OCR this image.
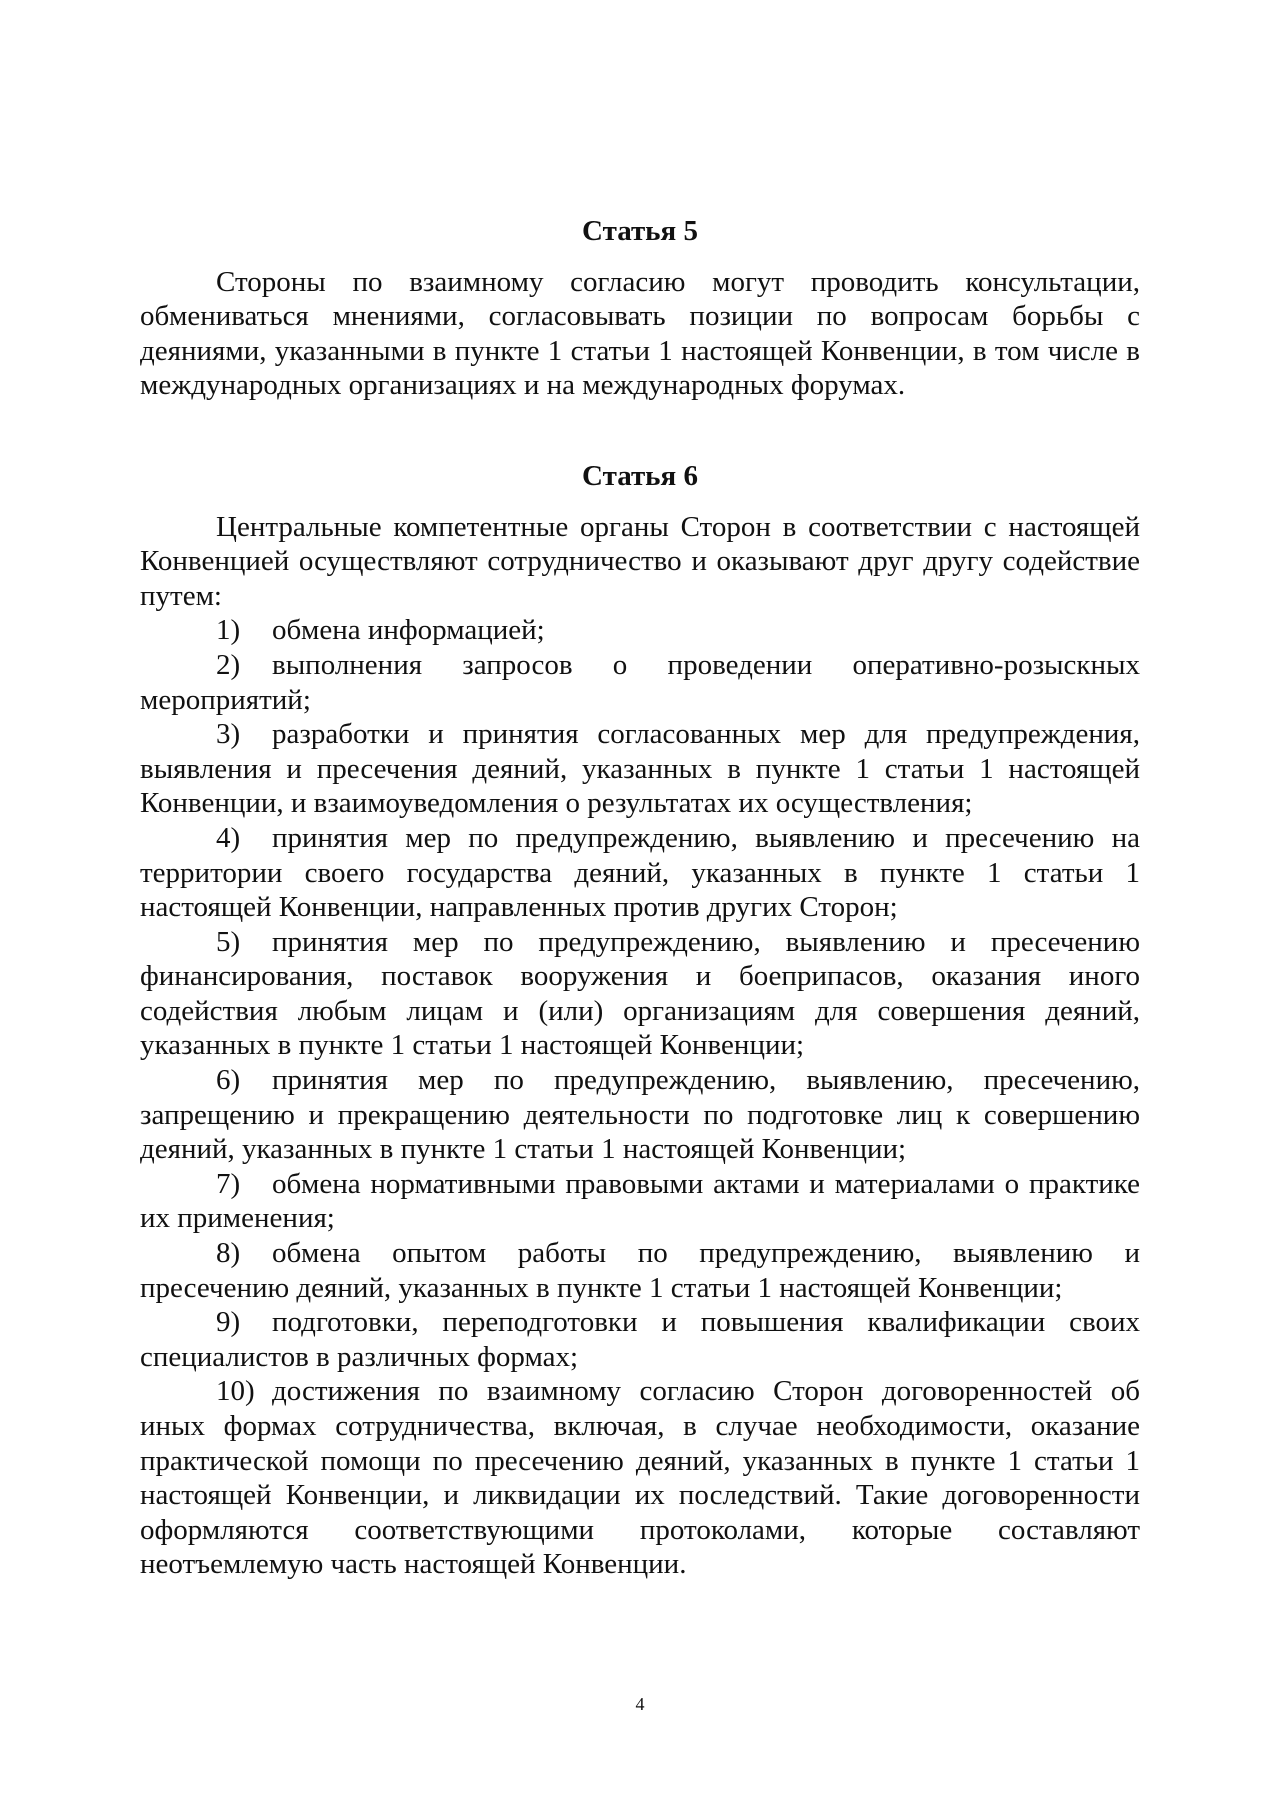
Статья 5

Стороны по взаимному согласию могут проводить консультации, обмениваться мнениями, согласовывать позиции по вопросам борьбы с деяниями, указанными в пункте 1 статьи 1 настоящей Конвенции, в том числе в международных организациях и на международных форумах.

Статья 6

Центральные компетентные органы Сторон в соответствии с настоящей Конвенцией осуществляют сотрудничество и оказывают друг другу содействие путем:

1) обмена информацией;

2) выполнения запросов о проведении оперативно-розыскных мероприятий;

3) разработки и принятия согласованных мер для предупреждения, выявления и пресечения деяний, указанных в пункте 1 статьи 1 настоящей Конвенции, и взаимоуведомления о результатах их осуществления;

4) принятия мер по предупреждению, выявлению и пресечению на территории своего государства деяний, указанных в пункте 1 статьи 1 настоящей Конвенции, направленных против других Сторон;

5) принятия мер по предупреждению, выявлению и пресечению финансирования, поставок вооружения и боеприпасов, оказания иного содействия любым лицам и (или) организациям для совершения деяний, указанных в пункте 1 статьи 1 настоящей Конвенции;

6) принятия мер по предупреждению, выявлению, пресечению, запрещению и прекращению деятельности по подготовке лиц к совершению деяний, указанных в пункте 1 статьи 1 настоящей Конвенции;

7) обмена нормативными правовыми актами и материалами о практике их применения;

8) обмена опытом работы по предупреждению, выявлению и пресечению деяний, указанных в пункте 1 статьи 1 настоящей Конвенции;

9) подготовки, переподготовки и повышения квалификации своих специалистов в различных формах;

10) достижения по взаимному согласию Сторон договоренностей об иных формах сотрудничества, включая, в случае необходимости, оказание практической помощи по пресечению деяний, указанных в пункте 1 статьи 1 настоящей Конвенции, и ликвидации их последствий. Такие договоренности оформляются соответствующими протоколами, которые составляют неотъемлемую часть настоящей Конвенции.

4
